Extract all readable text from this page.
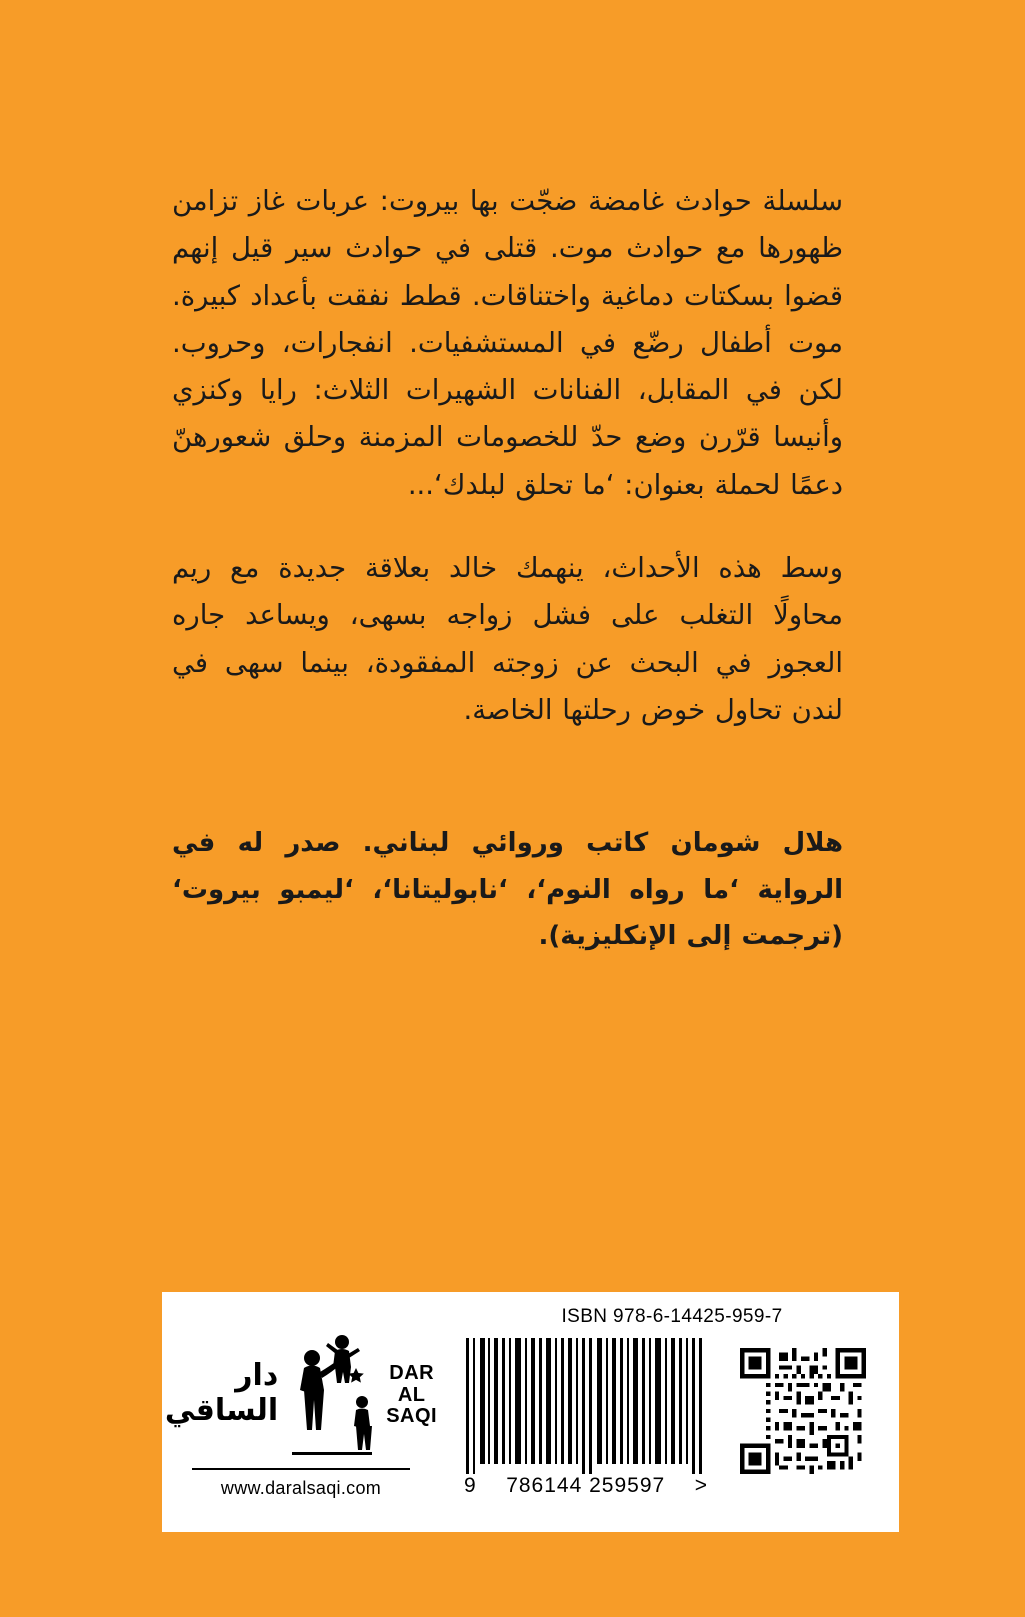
سلسلة حوادث غامضة ضجّت بها بيروت: عربات غاز تزامن ظهورها مع حوادث موت. قتلى في حوادث سير قيل إنهم قضوا بسكتات دماغية واختناقات. قطط نفقت بأعداد كبيرة. موت أطفال رضّع في المستشفيات. انفجارات، وحروب. لكن في المقابل، الفنانات الشهيرات الثلاث: رايا وكنزي وأنيسا قرّرن وضع حدّ للخصومات المزمنة وحلق شعورهنّ دعمًا لحملة بعنوان: ‘ما تحلق لبلدك‘...

وسط هذه الأحداث، ينهمك خالد بعلاقة جديدة مع ريم محاولًا التغلب على فشل زواجه بسهى، ويساعد جاره العجوز في البحث عن زوجته المفقودة، بينما سهى في لندن تحاول خوض رحلتها الخاصة.

هلال شومان كاتب وروائي لبناني. صدر له في الرواية ‘ما رواه النوم‘، ‘نابوليتانا‘، ‘ليمبو بيروت‘ (ترجمت إلى الإنكليزية).

ISBN 978-6-14425-959-7
دار الساقي
DAR
AL SAQI
www.daralsaqi.com	9	786144 259597	>
